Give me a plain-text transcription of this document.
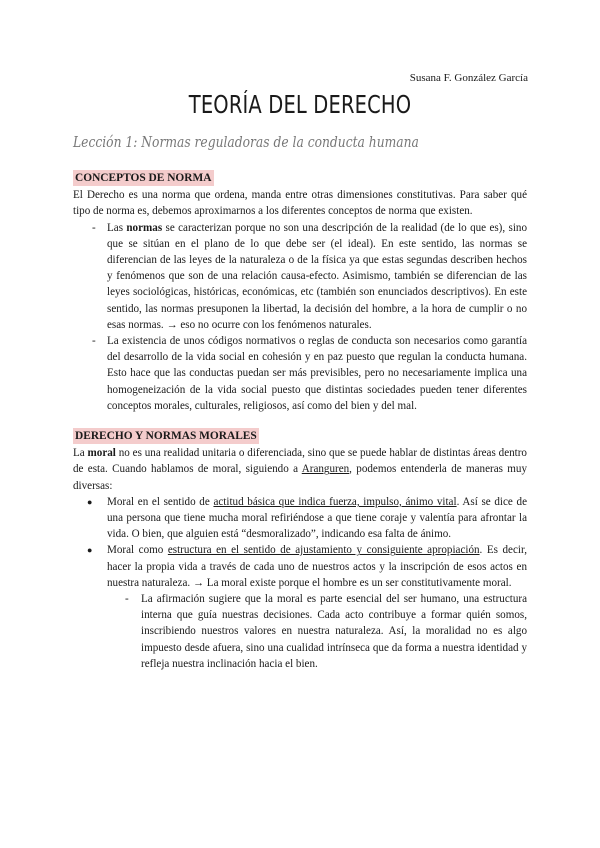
Susana F. González García
TEORÍA DEL DERECHO
Lección 1: Normas reguladoras de la conducta humana
CONCEPTOS DE NORMA

El Derecho es una norma que ordena, manda entre otras dimensiones constitutivas. Para saber qué tipo de norma es, debemos aproximarnos a los diferentes conceptos de norma que existen.

- Las normas se caracterizan porque no son una descripción de la realidad (de lo que es), sino que se sitúan en el plano de lo que debe ser (el ideal). En este sentido, las normas se diferencian de las leyes de la naturaleza o de la física ya que estas segundas describen hechos y fenómenos que son de una relación causa-efecto. Asimismo, también se diferencian de las leyes sociológicas, históricas, económicas, etc (también son enunciados descriptivos). En este sentido, las normas presuponen la libertad, la decisión del hombre, a la hora de cumplir o no esas normas. → eso no ocurre con los fenómenos naturales.
- La existencia de unos códigos normativos o reglas de conducta son necesarios como garantía del desarrollo de la vida social en cohesión y en paz puesto que regulan la conducta humana. Esto hace que las conductas puedan ser más previsibles, pero no necesariamente implica una homogeneización de la vida social puesto que distintas sociedades pueden tener diferentes conceptos morales, culturales, religiosos, así como del bien y del mal.
DERECHO Y NORMAS MORALES

La moral no es una realidad unitaria o diferenciada, sino que se puede hablar de distintas áreas dentro de esta. Cuando hablamos de moral, siguiendo a Aranguren, podemos entenderla de maneras muy diversas:

● Moral en el sentido de actitud básica que indica fuerza, impulso, ánimo vital. Así se dice de una persona que tiene mucha moral refiriéndose a que tiene coraje y valentía para afrontar la vida. O bien, que alguien está “desmoralizado”, indicando esa falta de ánimo.
● Moral como estructura en el sentido de ajustamiento y consiguiente apropiación. Es decir, hacer la propia vida a través de cada uno de nuestros actos y la inscripción de esos actos en nuestra naturaleza. → La moral existe porque el hombre es un ser constitutivamente moral.
- La afirmación sugiere que la moral es parte esencial del ser humano, una estructura interna que guía nuestras decisiones. Cada acto contribuye a formar quién somos, inscribiendo nuestros valores en nuestra naturaleza. Así, la moralidad no es algo impuesto desde afuera, sino una cualidad intrínseca que da forma a nuestra identidad y refleja nuestra inclinación hacia el bien.
